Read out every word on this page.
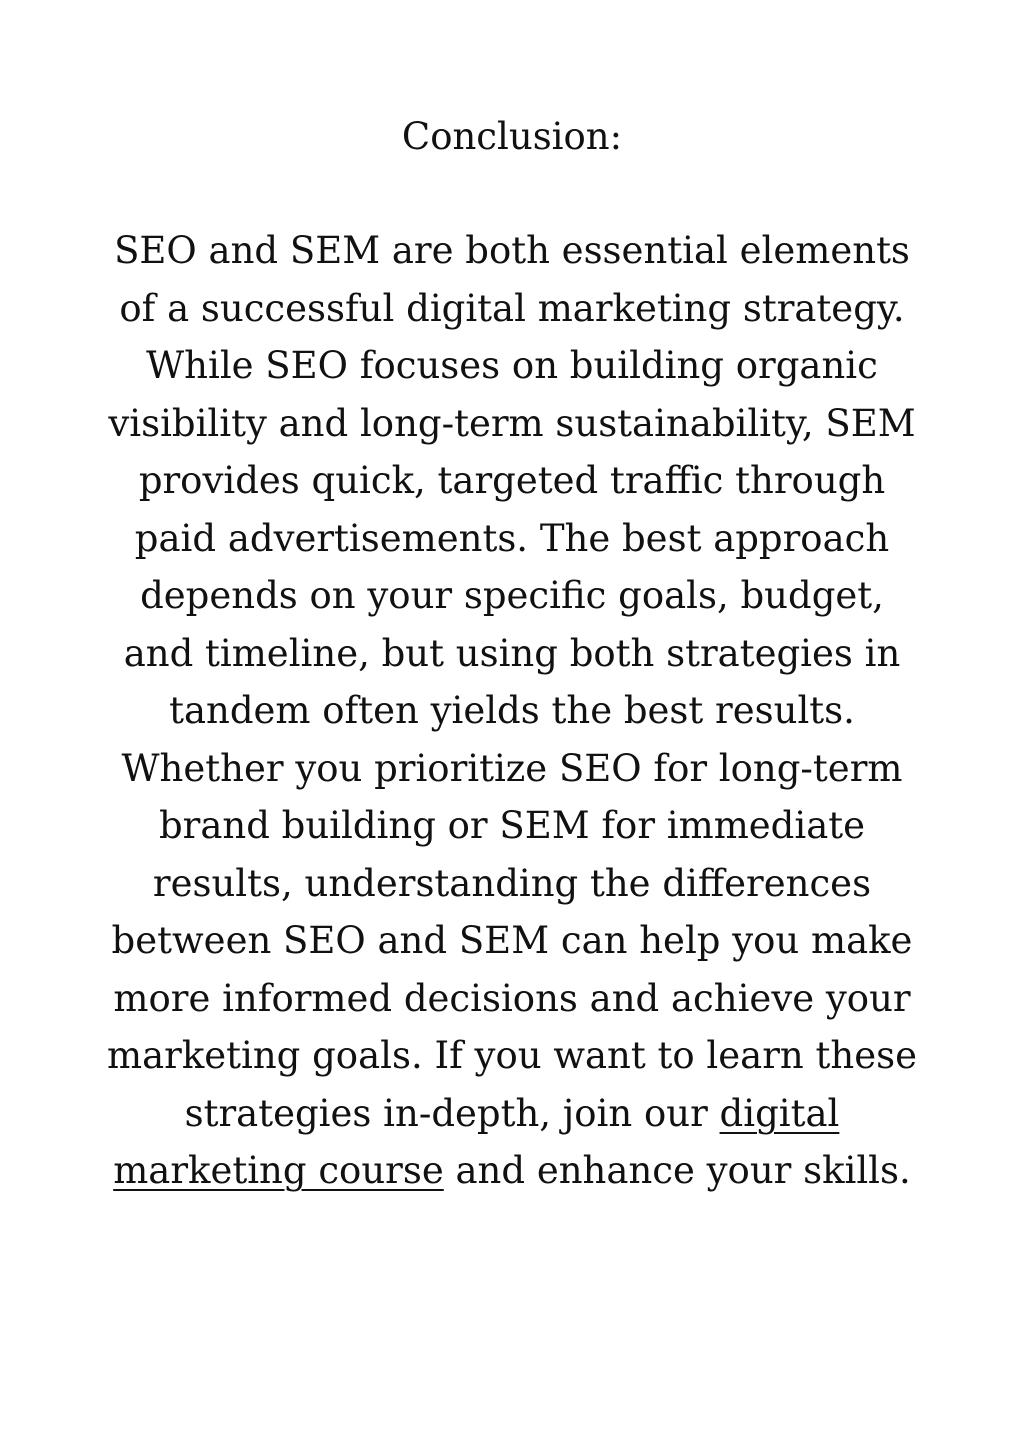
Conclusion:

SEO and SEM are both essential elements of a successful digital marketing strategy. While SEO focuses on building organic visibility and long-term sustainability, SEM provides quick, targeted traffic through paid advertisements. The best approach depends on your specific goals, budget, and timeline, but using both strategies in tandem often yields the best results.

Whether you prioritize SEO for long-term brand building or SEM for immediate results, understanding the differences between SEO and SEM can help you make more informed decisions and achieve your marketing goals. If you want to learn these strategies in-depth, join our digital marketing course and enhance your skills.
